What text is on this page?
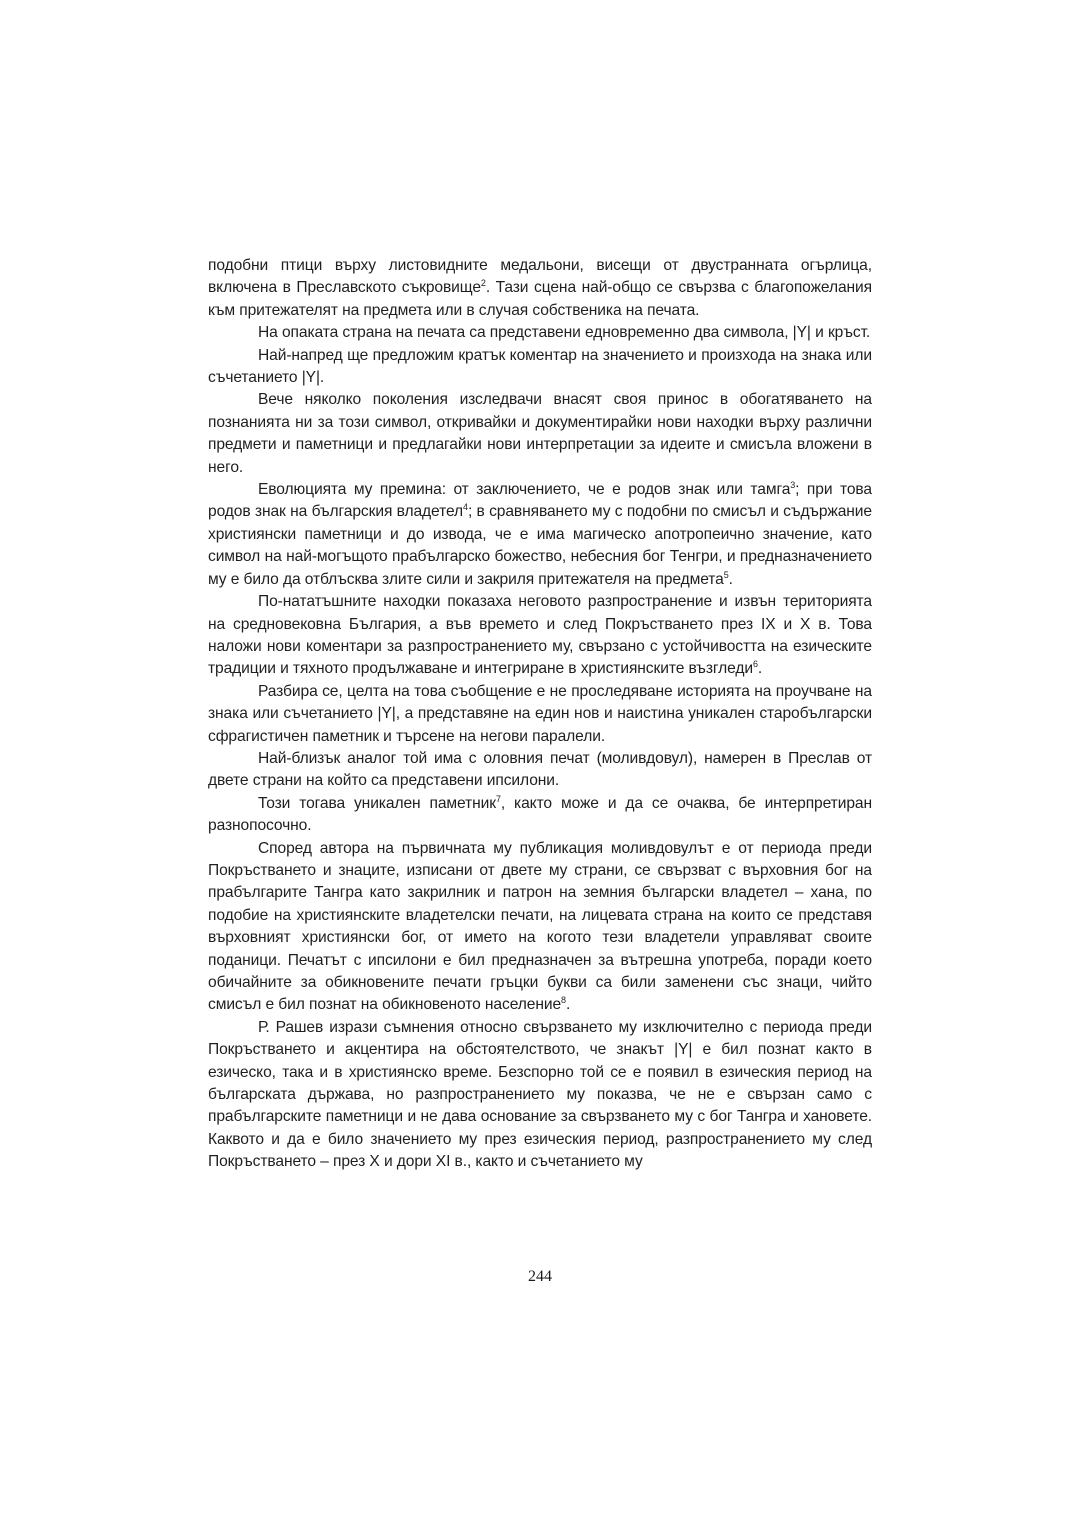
подобни птици върху листовидните медальони, висещи от двустранната огърлица, включена в Преславското съкровище$^2$. Тази сцена най-общо се свързва с благопожелания към притежателят на предмета или в случая собственика на печата.

На опаката страна на печата са представени едновременно два символа, |Y| и кръст.

Най-напред ще предложим кратък коментар на значението и произхода на знака или съчетанието |Y|.

Вече няколко поколения изследвачи внасят своя принос в обогатяването на познанията ни за този символ, откривайки и документирайки нови находки върху различни предмети и паметници и предлагайки нови интерпретации за идеите и смисъла вложени в него.

Еволюцията му премина: от заключението, че е родов знак или тамга$^3$; при това родов знак на българския владетел$^4$; в сравняването му с подобни по смисъл и съдържание християнски паметници и до извода, че е има магическо апотропеично значение, като символ на най-могъщото прабългарско божество, небесния бог Тенгри, и предназначението му е било да отблъсква злите сили и закриля притежателя на предмета$^5$.

По-нататъшните находки показаха неговото разпространение и извън територията на средновековна България, а във времето и след Покръстването през IX и X в. Това наложи нови коментари за разпространението му, свързано с устойчивостта на езическите традиции и тяхното продължаване и интегриране в християнските възгледи$^6$.

Разбира се, целта на това съобщение е не проследяване историята на проучване на знака или съчетанието |Y|, а представяне на един нов и наистина уникален старобългарски сфрагистичен паметник и търсене на негови паралели.

Най-близък аналог той има с оловния печат (моливдовул), намерен в Преслав от двете страни на който са представени ипсилони.

Този тогава уникален паметник$^7$, както може и да се очаква, бе интерпретиран разнопосочно.

Според автора на първичната му публикация моливдовулът е от периода преди Покръстването и знаците, изписани от двете му страни, се свързват с върховния бог на прабългарите Тангра като закрилник и патрон на земния български владетел – хана, по подобие на християнските владетелски печати, на лицевата страна на които се представя върховният християнски бог, от името на когото тези владетели управляват своите поданици. Печатът с ипсилони е бил предназначен за вътрешна употреба, поради което обичайните за обикновените печати гръцки букви са били заменени със знаци, чийто смисъл е бил познат на обикновеното население$^8$.

Р. Рашев изрази съмнения относно свързването му изключително с периода преди Покръстването и акцентира на обстоятелството, че знакът |Y| е бил познат както в езическо, така и в християнско време. Безспорно той се е появил в езическия период на българската държава, но разпространението му показва, че не е свързан само с прабългарските паметници и не дава основание за свързването му с бог Тангра и хановете. Каквото и да е било значението му през езическия период, разпространението му след Покръстването – през X и дори XI в., както и съчетанието му

244
